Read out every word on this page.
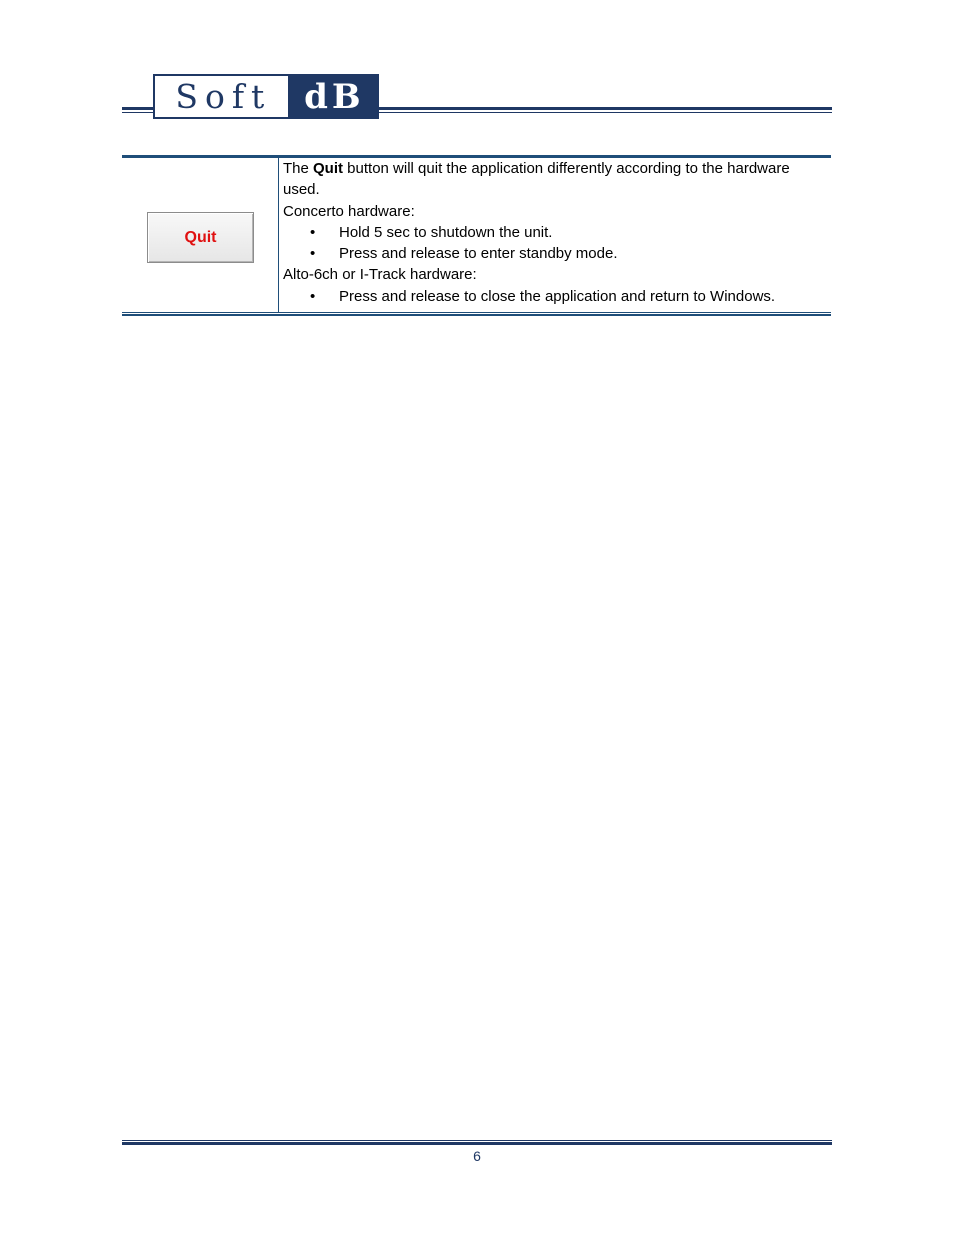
Soft dB
Quit

The Quit button will quit the application differently according to the hardware used.

Concerto hardware:

• Hold 5 sec to shutdown the unit.
• Press and release to enter standby mode.

Alto-6ch or I-Track hardware:

• Press and release to close the application and return to Windows.
6
